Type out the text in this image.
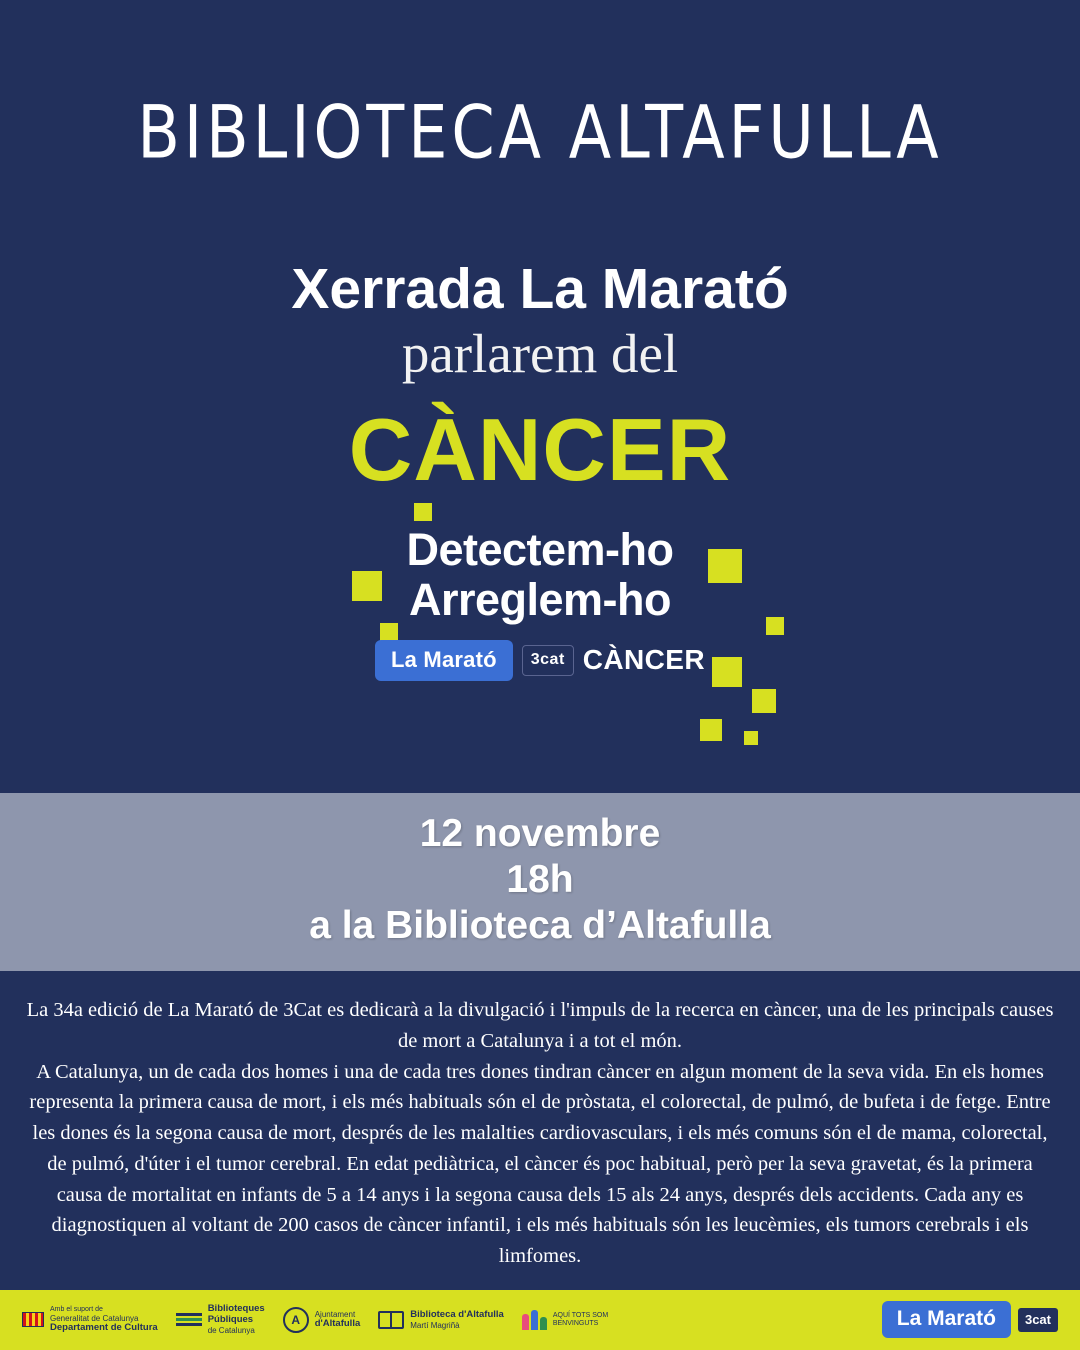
BIBLIOTECA ALTAFULLA
Xerrada La Marató
parlarem del
CÀNCER
Detectem-ho
Arreglem-ho
La Marató	3cat CÀNCER
12 novembre
18h
a la Biblioteca d’Altafulla

La 34a edició de La Marató de 3Cat es dedicarà a la divulgació i l'impuls de la recerca en càncer, una de les principals causes de mort a Catalunya i a tot el món.

A Catalunya, un de cada dos homes i una de cada tres dones tindran càncer en algun moment de la seva vida. En els homes representa la primera causa de mort, i els més habituals són el de pròstata, el colorectal, de pulmó, de bufeta i de fetge. Entre les dones és la segona causa de mort, després de les malalties cardiovasculars, i els més comuns són el de mama, colorectal, de pulmó, d'úter i el tumor cerebral. En edat pediàtrica, el càncer és poc habitual, però per la seva gravetat, és la primera causa de mortalitat en infants de 5 a 14 anys i la segona causa dels 15 als 24 anys, després dels accidents. Cada any es diagnostiquen al voltant de 200 casos de càncer infantil, i els més habituals són les leucèmies, els tumors cerebrals i els limfomes.

Amb el suport de
Generalitat de Catalunya
Departament de Cultura
Biblioteques
Públiques
de Catalunya
A	Ajuntament
d'Altafulla
Biblioteca d'Altafulla
Martí Magriñà
AQUÍ TOTS SOM
BENVINGUTS	La Marató	3cat
